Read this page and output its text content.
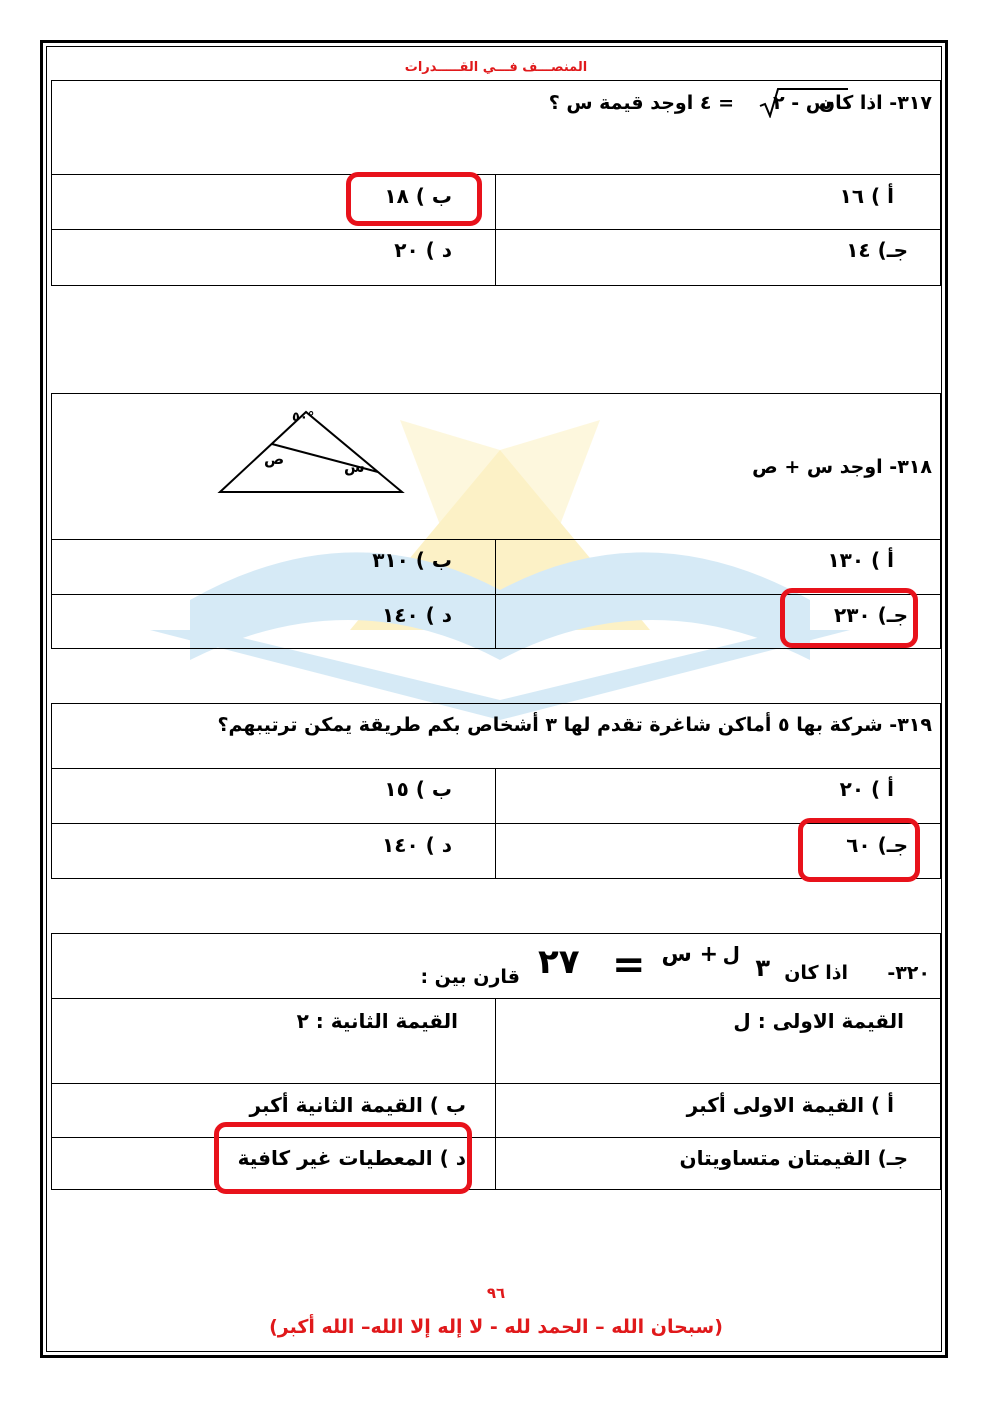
المنصـــف فـــي القـــــدرات
٣١٧- اذا كان
س - ٢
= ٤ اوجد قيمة س ؟
أ ) ١٦
ب ) ١٨
جـ) ١٤
د ) ٢٠
٣١٨- اوجد س + ص
٥٠°
س
ص
أ ) ١٣٠
ب ) ٣١٠
جـ) ٢٣٠
د ) ١٤٠
٣١٩- شركة بها ٥ أماكن شاغرة تقدم لها ٣ أشخاص بكم طريقة يمكن ترتيبهم؟
أ ) ٢٠
ب ) ١٥
جـ) ٦٠
د ) ١٤٠
٣٢٠-
اذا كان
٣
ل
+ س
=
٢٧
قارن بين :
القيمة الاولى : ل
القيمة الثانية : ٢
أ ) القيمة الاولى أكبر
ب ) القيمة الثانية أكبر
جـ) القيمتان متساويتان
د ) المعطيات غير كافية
٩٦
(سبحان الله – الحمد لله - لا إله إلا الله– الله أكبر)
